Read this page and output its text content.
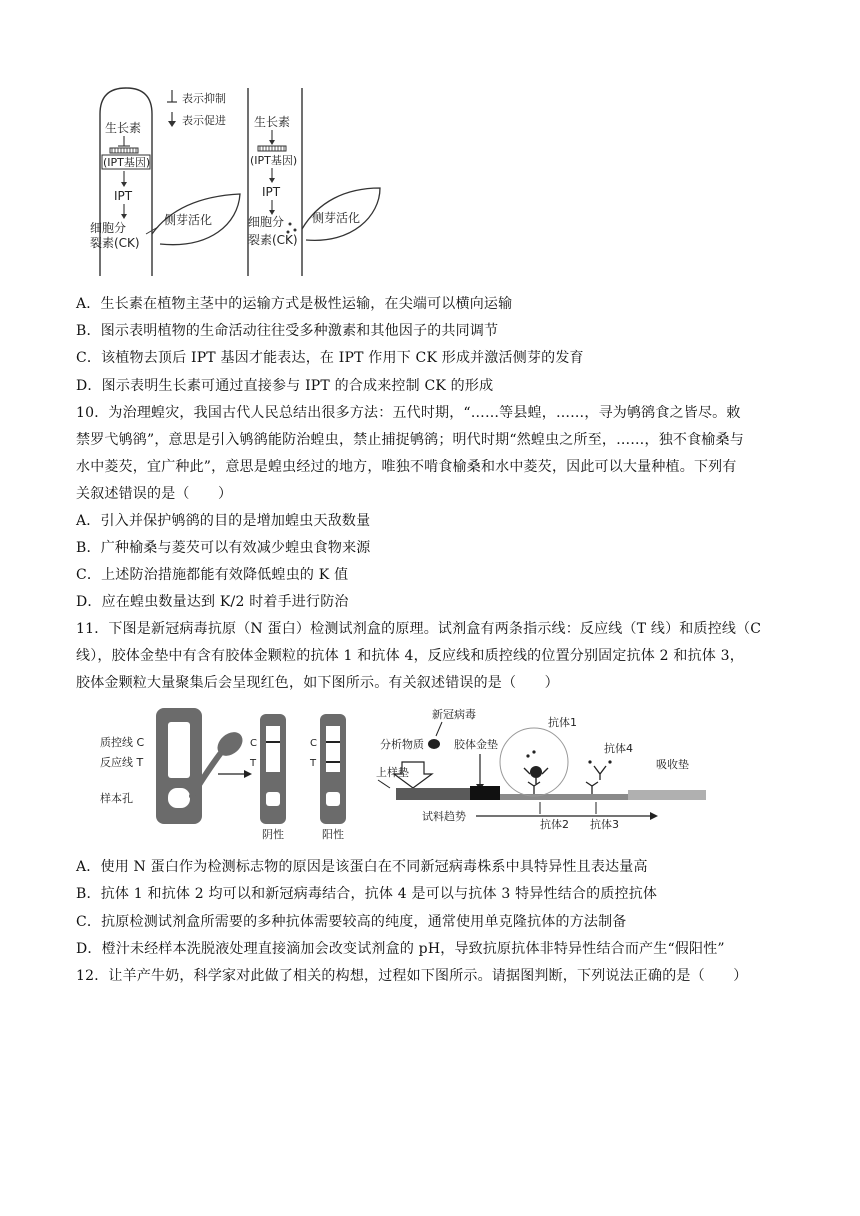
表示抑制
表示促进
生长素
(IPT基因)
IPT
细胞分
裂素(CK)
侧芽活化
生长素
(IPT基因)
IPT
细胞分
裂素(CK)
侧芽活化
A．生长素在植物主茎中的运输方式是极性运输，在尖端可以横向运输
B．图示表明植物的生命活动往往受多种激素和其他因子的共同调节
C．该植物去顶后 IPT 基因才能表达，在 IPT 作用下 CK 形成并激活侧芽的发育
D．图示表明生长素可通过直接参与 IPT 的合成来控制 CK 的形成
10．为治理蝗灾，我国古代人民总结出很多方法：五代时期，“……等县蝗，……，寻为鸲鹆食之皆尽。敕
禁罗弋鸲鹆”，意思是引入鸲鹆能防治蝗虫，禁止捕捉鸲鹆；明代时期“然蝗虫之所至，……，独不食榆桑与
水中菱芡，宜广种此”，意思是蝗虫经过的地方，唯独不啃食榆桑和水中菱芡，因此可以大量种植。下列有
关叙述错误的是（　　）
A．引入并保护鸲鹆的目的是增加蝗虫天敌数量
B．广种榆桑与菱芡可以有效减少蝗虫食物来源
C．上述防治措施都能有效降低蝗虫的 K 值
D．应在蝗虫数量达到 K/2 时着手进行防治
11．下图是新冠病毒抗原（N 蛋白）检测试剂盒的原理。试剂盒有两条指示线：反应线（T 线）和质控线（C
线），胶体金垫中有含有胶体金颗粒的抗体 1 和抗体 4，反应线和质控线的位置分别固定抗体 2 和抗体 3，
胶体金颗粒大量聚集后会呈现红色，如下图所示。有关叙述错误的是（　　）
质控线 C
反应线 T
样本孔
C
T
阴性
C
T
阳性
新冠病毒
分析物质	胶体金垫
上样垫
吸收垫
抗体1
抗体2
抗体4
抗体3
试料趋势
A．使用 N 蛋白作为检测标志物的原因是该蛋白在不同新冠病毒株系中具特异性且表达量高
B．抗体 1 和抗体 2 均可以和新冠病毒结合，抗体 4 是可以与抗体 3 特异性结合的质控抗体
C．抗原检测试剂盒所需要的多种抗体需要较高的纯度，通常使用单克隆抗体的方法制备
D．橙汁未经样本洗脱液处理直接滴加会改变试剂盒的 pH，导致抗原抗体非特异性结合而产生“假阳性”
12．让羊产牛奶，科学家对此做了相关的构想，过程如下图所示。请据图判断，下列说法正确的是（　　）
